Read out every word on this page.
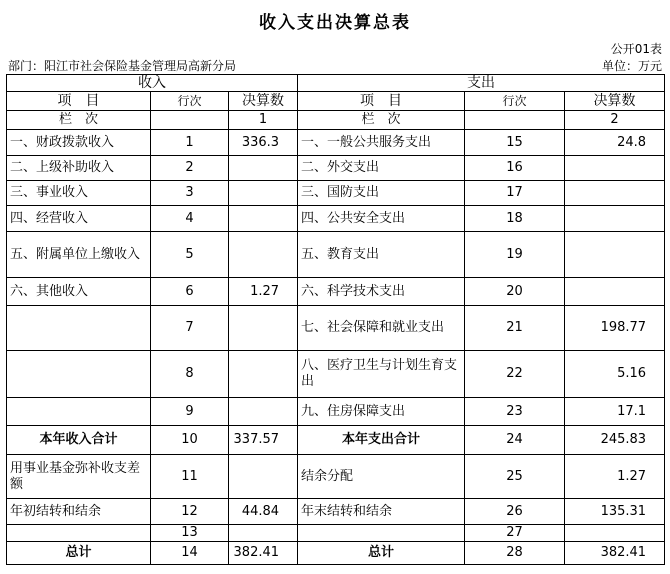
收入支出决算总表
公开01表
部门：阳江市社会保险基金管理局高新分局	单位：万元
收入			支出		
项　目	行次	决算数	项　目	行次	决算数
栏　次		1	栏　次		2
一、财政拨款收入	1	336.3	一、一般公共服务支出	15	24.8
二、上级补助收入	2		二、外交支出	16	
三、事业收入	3		三、国防支出	17	
四、经营收入	4		四、公共安全支出	18	
五、附属单位上缴收入	5		五、教育支出	19	
六、其他收入	6	1.27	六、科学技术支出	20	
	7		七、社会保障和就业支出	21	198.77
	8		八、医疗卫生与计划生育支出	22	5.16
	9		九、住房保障支出	23	17.1
本年收入合计	10	337.57	本年支出合计	24	245.83
用事业基金弥补收支差额	11		结余分配	25	1.27
年初结转和结余	12	44.84	年末结转和结余	26	135.31
	13			27	
总计	14	382.41	总计	28	382.41
